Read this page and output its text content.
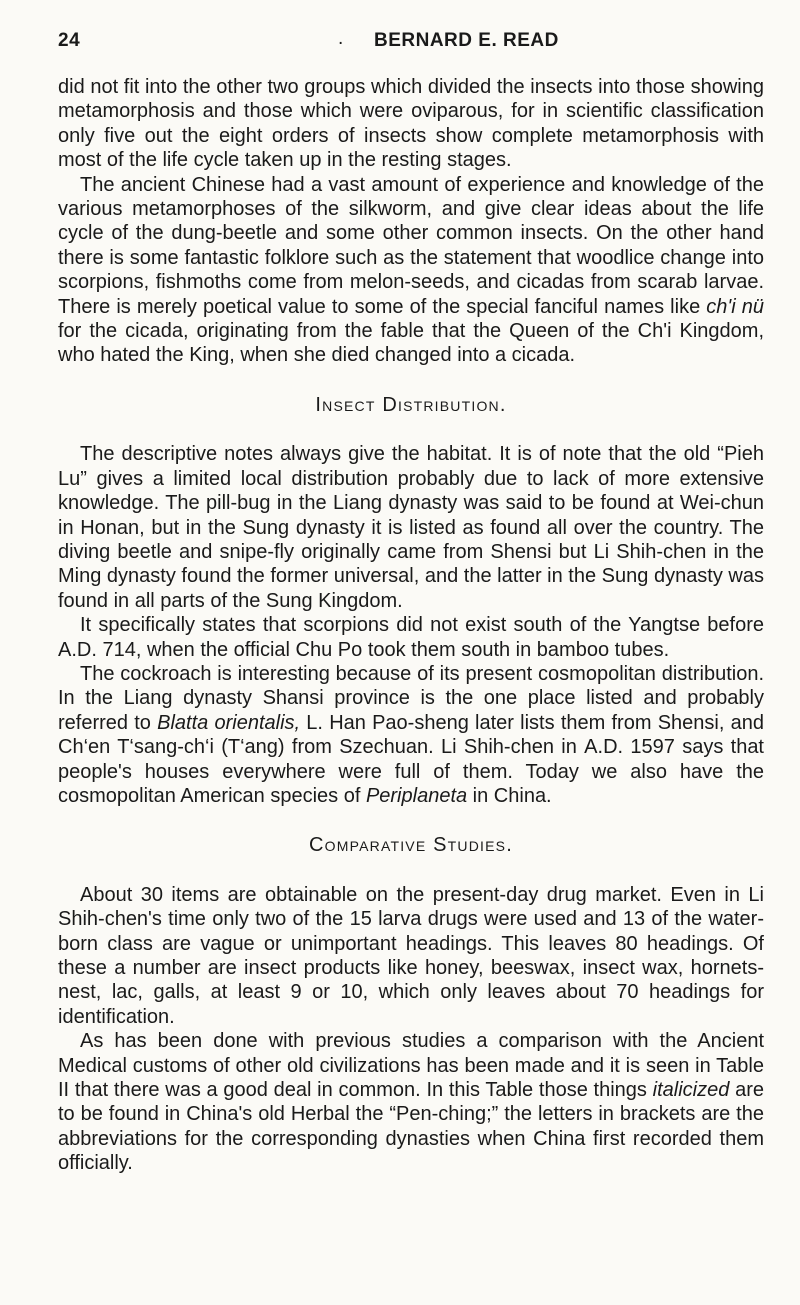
24	. BERNARD E. READ

did not fit into the other two groups which divided the insects into those showing metamorphosis and those which were oviparous, for in scientific classification only five out the eight orders of insects show complete metamorphosis with most of the life cycle taken up in the resting stages.

The ancient Chinese had a vast amount of experience and knowledge of the various metamorphoses of the silkworm, and give clear ideas about the life cycle of the dung-beetle and some other common insects. On the other hand there is some fantastic folklore such as the statement that woodlice change into scorpions, fishmoths come from melon-seeds, and cicadas from scarab larvae. There is merely poetical value to some of the special fanciful names like ch'i nü for the cicada, originating from the fable that the Queen of the Ch'i Kingdom, who hated the King, when she died changed into a cicada.

Insect Distribution.

The descriptive notes always give the habitat. It is of note that the old “Pieh Lu” gives a limited local distribution probably due to lack of more extensive knowledge. The pill-bug in the Liang dynasty was said to be found at Wei-chun in Honan, but in the Sung dynasty it is listed as found all over the country. The diving beetle and snipe-fly originally came from Shensi but Li Shih-chen in the Ming dynasty found the former universal, and the latter in the Sung dynasty was found in all parts of the Sung Kingdom.

It specifically states that scorpions did not exist south of the Yangtse before A.D. 714, when the official Chu Po took them south in bamboo tubes.

The cockroach is interesting because of its present cosmopolitan distribution. In the Liang dynasty Shansi province is the one place listed and probably referred to Blatta orientalis, L. Han Pao-sheng later lists them from Shensi, and Ch‘en T‘sang-ch‘i (T‘ang) from Szechuan. Li Shih-chen in A.D. 1597 says that people's houses everywhere were full of them. Today we also have the cosmopolitan American species of Periplaneta in China.

Comparative Studies.

About 30 items are obtainable on the present-day drug market. Even in Li Shih-chen's time only two of the 15 larva drugs were used and 13 of the water-born class are vague or unimportant headings. This leaves 80 headings. Of these a number are insect products like honey, beeswax, insect wax, hornets-nest, lac, galls, at least 9 or 10, which only leaves about 70 headings for identification.

As has been done with previous studies a comparison with the Ancient Medical customs of other old civilizations has been made and it is seen in Table II that there was a good deal in common. In this Table those things italicized are to be found in China's old Herbal the “Pen-ching;” the letters in brackets are the abbreviations for the corresponding dynasties when China first recorded them officially.
